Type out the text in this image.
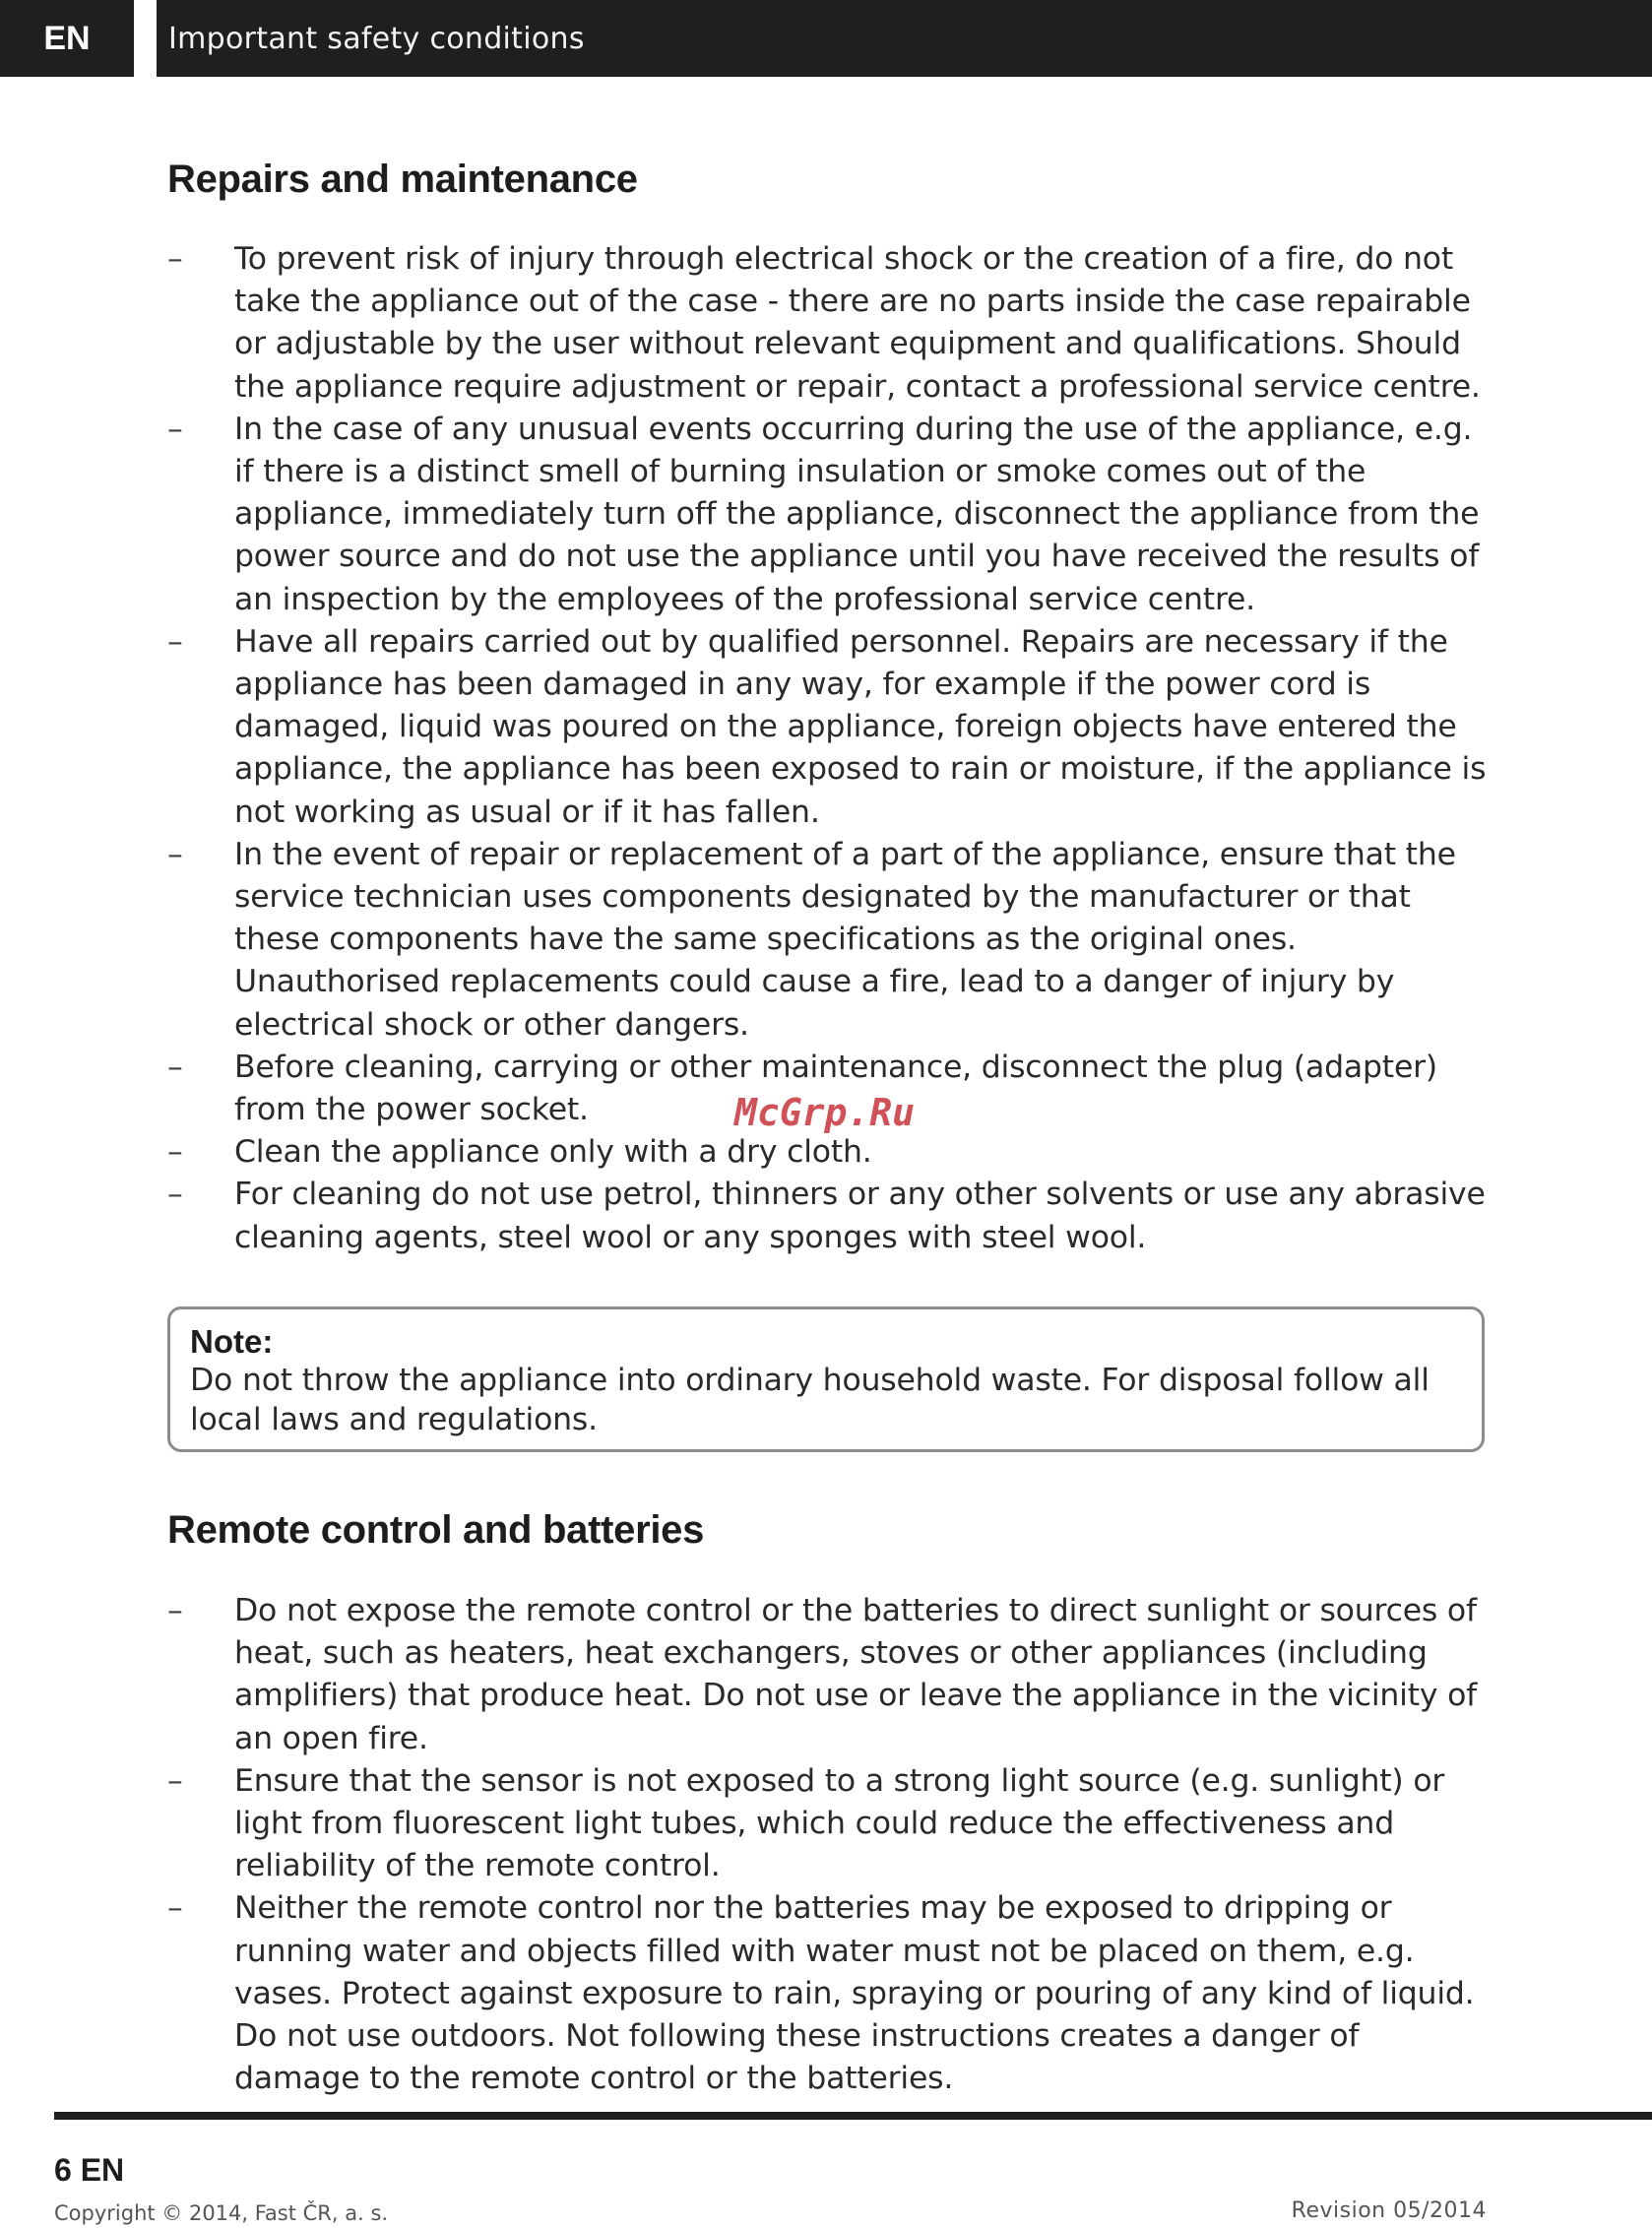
EN	Important safety conditions
Repairs and maintenance
–	To prevent risk of injury through electrical shock or the creation of a fire, do not take the appliance out of the case - there are no parts inside the case repairable or adjustable by the user without relevant equipment and qualifications. Should the appliance require adjustment or repair, contact a professional service centre.
–	In the case of any unusual events occurring during the use of the appliance, e.g. if there is a distinct smell of burning insulation or smoke comes out of the appliance, immediately turn off the appliance, disconnect the appliance from the power source and do not use the appliance until you have received the results of an inspection by the employees of the professional service centre.
–	Have all repairs carried out by qualified personnel. Repairs are necessary if the appliance has been damaged in any way, for example if the power cord is damaged, liquid was poured on the appliance, foreign objects have entered the appliance, the appliance has been exposed to rain or moisture, if the appliance is not working as usual or if it has fallen.
–	In the event of repair or replacement of a part of the appliance, ensure that the service technician uses components designated by the manufacturer or that these components have the same specifications as the original ones. Unauthorised replacements could cause a fire, lead to a danger of injury by electrical shock or other dangers.
–	Before cleaning, carrying or other maintenance, disconnect the plug (adapter) from the power socket.
–	Clean the appliance only with a dry cloth.
–	For cleaning do not use petrol, thinners or any other solvents or use any abrasive cleaning agents, steel wool or any sponges with steel wool.
McGrp.Ru
Note:
Do not throw the appliance into ordinary household waste. For disposal follow all local laws and regulations.
Remote control and batteries
–	Do not expose the remote control or the batteries to direct sunlight or sources of heat, such as heaters, heat exchangers, stoves or other appliances (including amplifiers) that produce heat. Do not use or leave the appliance in the vicinity of an open fire.
–	Ensure that the sensor is not exposed to a strong light source (e.g. sunlight) or light from fluorescent light tubes, which could reduce the effectiveness and reliability of the remote control.
–	Neither the remote control nor the batteries may be exposed to dripping or running water and objects filled with water must not be placed on them, e.g. vases. Protect against exposure to rain, spraying or pouring of any kind of liquid. Do not use outdoors. Not following these instructions creates a danger of damage to the remote control or the batteries.
6 EN
Copyright © 2014, Fast ČR, a. s.	Revision 05/2014
